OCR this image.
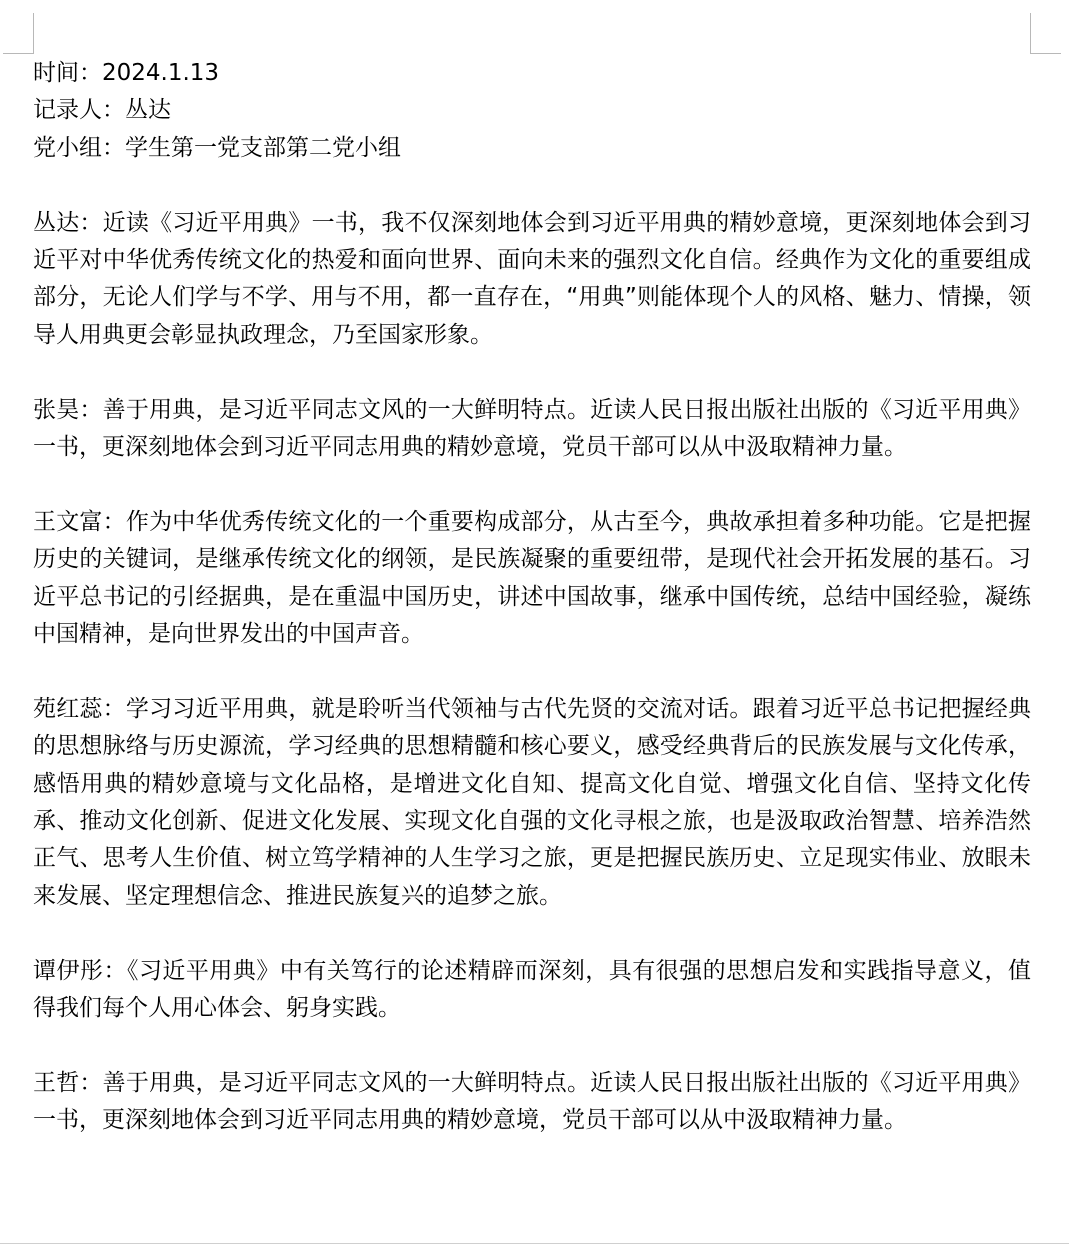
时间：2024.1.13

记录人：丛达

党小组：学生第一党支部第二党小组

丛达：近读《习近平用典》一书，我不仅深刻地体会到习近平用典的精妙意境，更深刻地体会到习近平对中华优秀传统文化的热爱和面向世界、面向未来的强烈文化自信。经典作为文化的重要组成部分，无论人们学与不学、用与不用，都一直存在，“用典”则能体现个人的风格、魅力、情操，领导人用典更会彰显执政理念，乃至国家形象。

张昊：善于用典，是习近平同志文风的一大鲜明特点。近读人民日报出版社出版的《习近平用典》一书，更深刻地体会到习近平同志用典的精妙意境，党员干部可以从中汲取精神力量。

王文富：作为中华优秀传统文化的一个重要构成部分，从古至今，典故承担着多种功能。它是把握历史的关键词，是继承传统文化的纲领，是民族凝聚的重要纽带，是现代社会开拓发展的基石。习近平总书记的引经据典，是在重温中国历史，讲述中国故事，继承中国传统，总结中国经验，凝练中国精神，是向世界发出的中国声音。

苑红蕊：学习习近平用典，就是聆听当代领袖与古代先贤的交流对话。跟着习近平总书记把握经典的思想脉络与历史源流，学习经典的思想精髓和核心要义，感受经典背后的民族发展与文化传承，感悟用典的精妙意境与文化品格，是增进文化自知、提高文化自觉、增强文化自信、坚持文化传承、推动文化创新、促进文化发展、实现文化自强的文化寻根之旅，也是汲取政治智慧、培养浩然正气、思考人生价值、树立笃学精神的人生学习之旅，更是把握民族历史、立足现实伟业、放眼未来发展、坚定理想信念、推进民族复兴的追梦之旅。

谭伊彤：《习近平用典》中有关笃行的论述精辟而深刻，具有很强的思想启发和实践指导意义，值得我们每个人用心体会、躬身实践。

王哲：善于用典，是习近平同志文风的一大鲜明特点。近读人民日报出版社出版的《习近平用典》一书，更深刻地体会到习近平同志用典的精妙意境，党员干部可以从中汲取精神力量。
